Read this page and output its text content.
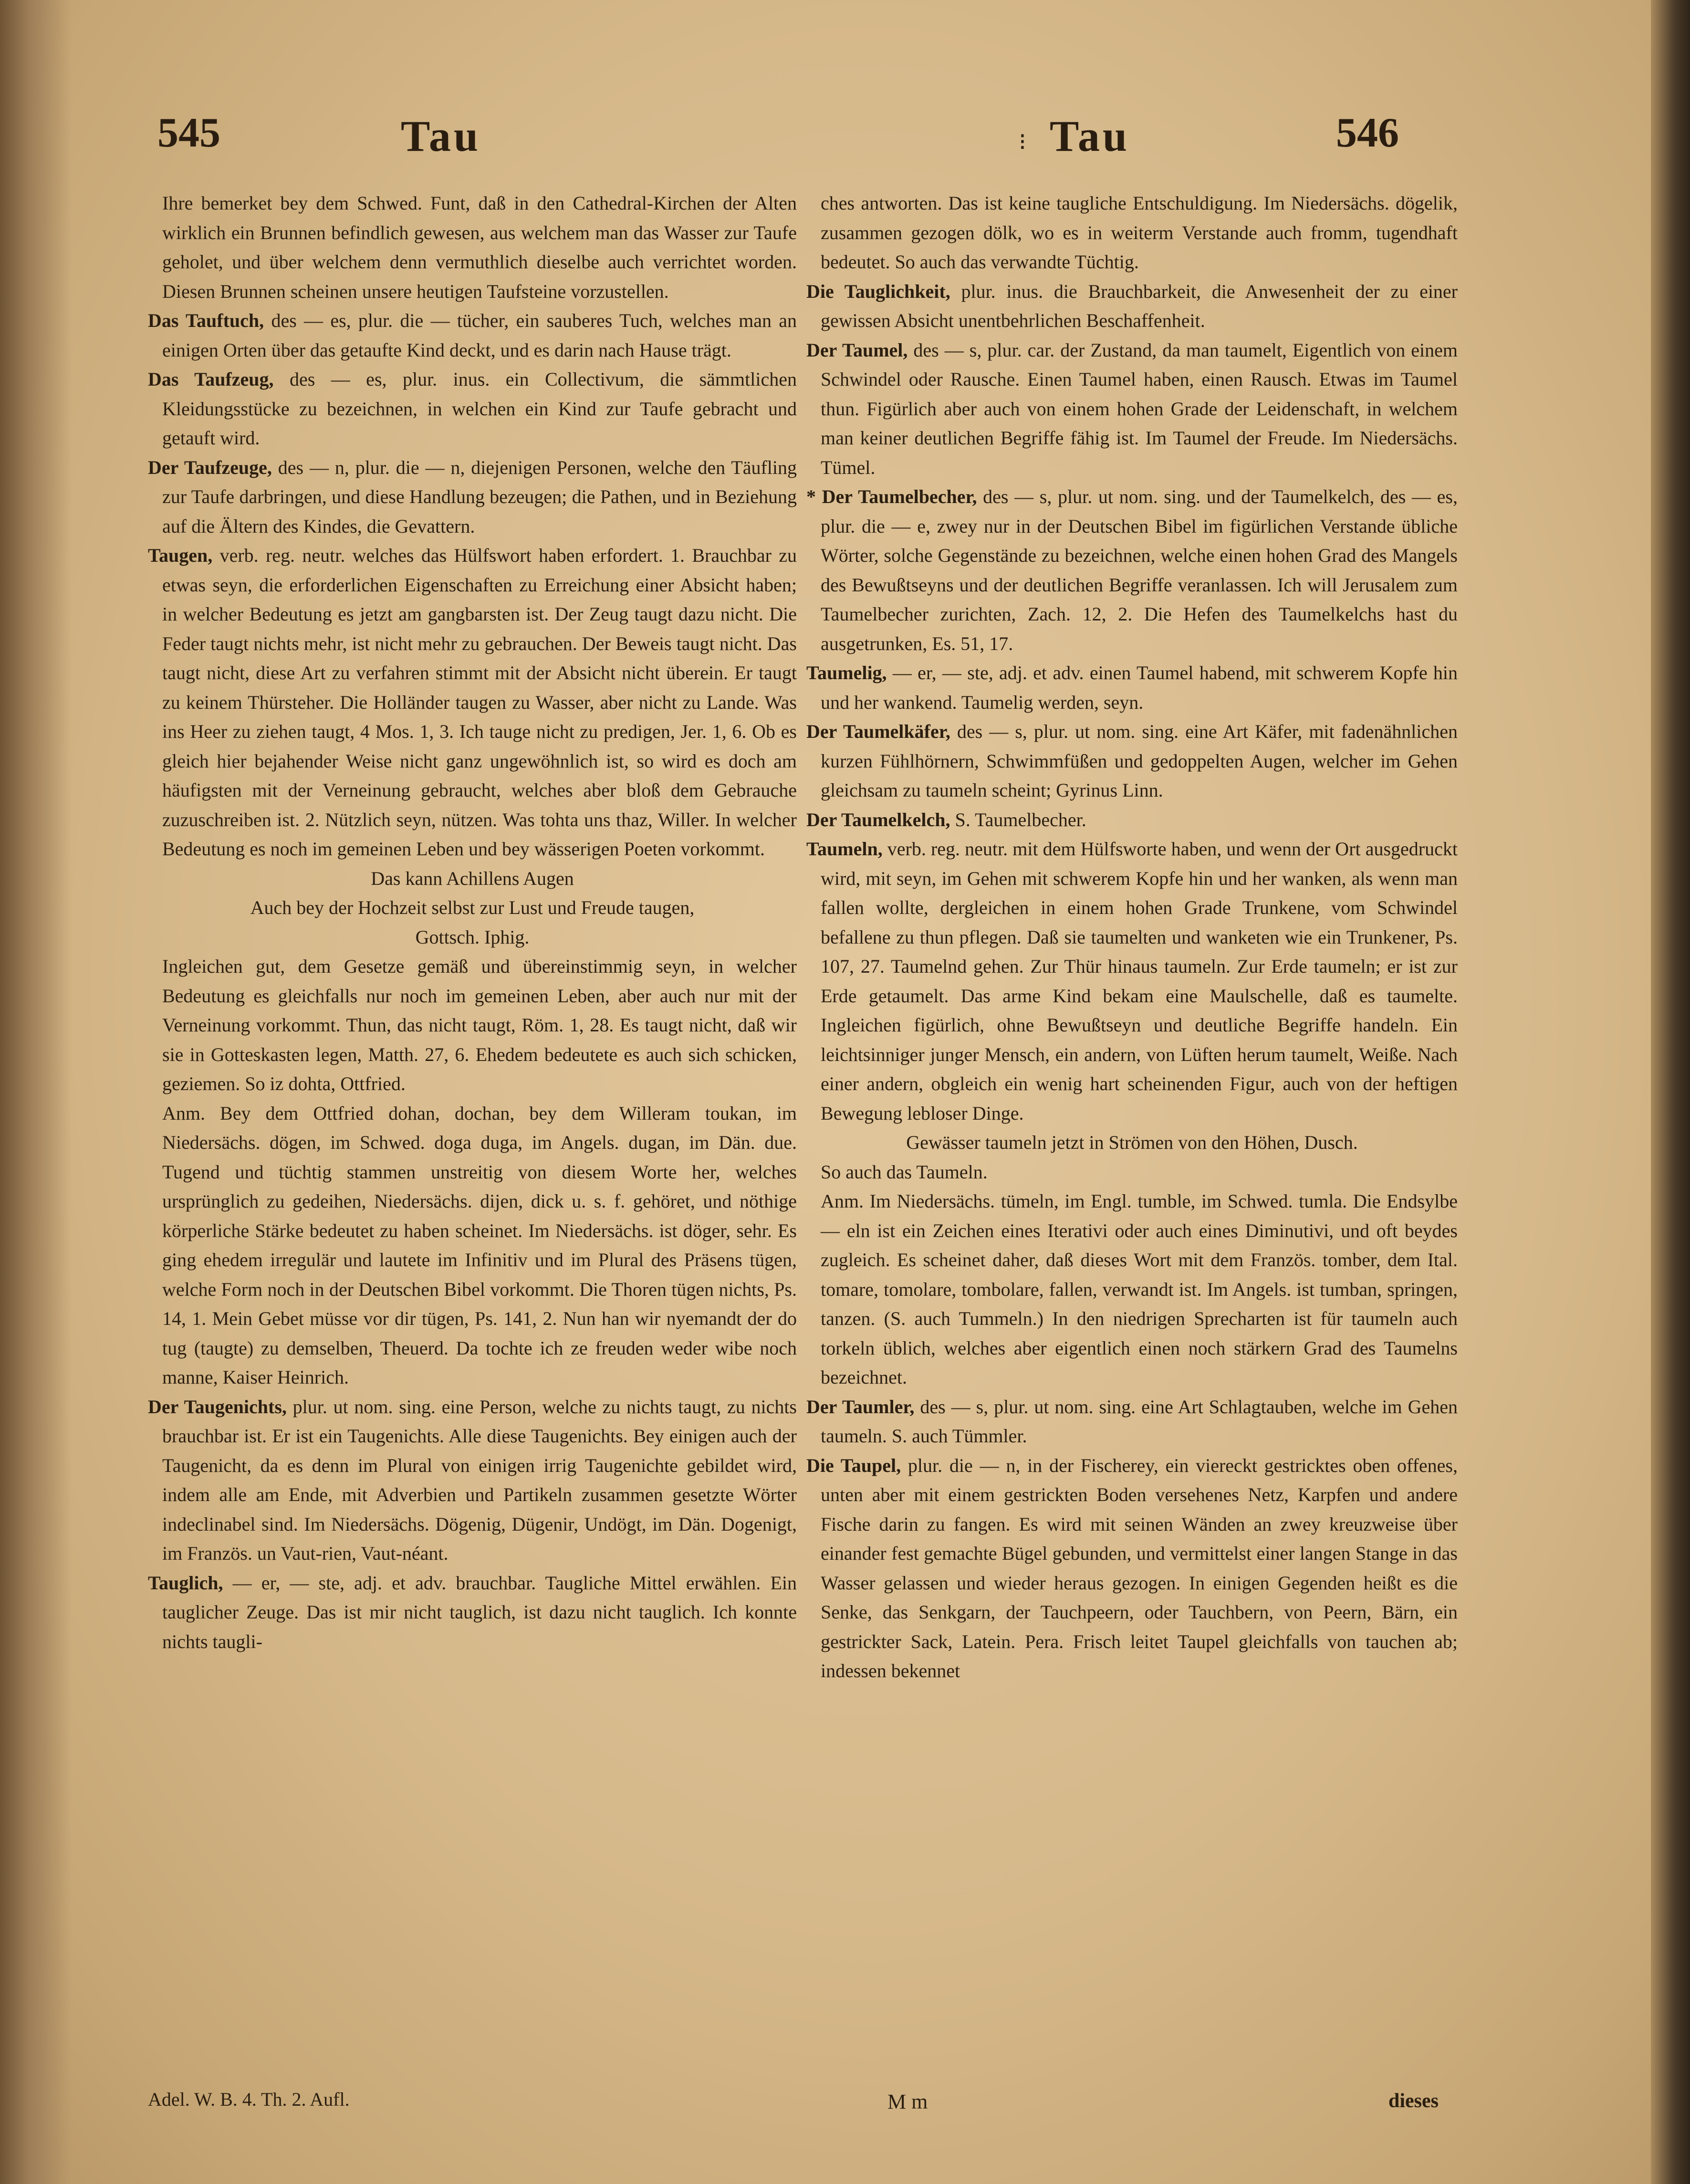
545	Tau	⁝ Tau	546

Ihre bemerket bey dem Schwed. Funt, daß in den Cathedral-Kirchen der Alten wirklich ein Brunnen befindlich gewesen, aus welchem man das Wasser zur Taufe geholet, und über welchem denn vermuthlich dieselbe auch verrichtet worden. Diesen Brunnen scheinen unsere heutigen Taufsteine vorzustellen.

Das Tauftuch, des — es, plur. die — tücher, ein sauberes Tuch, welches man an einigen Orten über das getaufte Kind deckt, und es darin nach Hause trägt.

Das Taufzeug, des — es, plur. inus. ein Collectivum, die sämmtlichen Kleidungsstücke zu bezeichnen, in welchen ein Kind zur Taufe gebracht und getauft wird.

Der Taufzeuge, des — n, plur. die — n, diejenigen Personen, welche den Täufling zur Taufe darbringen, und diese Handlung bezeugen; die Pathen, und in Beziehung auf die Ältern des Kindes, die Gevattern.

Taugen, verb. reg. neutr. welches das Hülfswort haben erfordert. 1. Brauchbar zu etwas seyn, die erforderlichen Eigenschaften zu Erreichung einer Absicht haben; in welcher Bedeutung es jetzt am gangbarsten ist. Der Zeug taugt dazu nicht. Die Feder taugt nichts mehr, ist nicht mehr zu gebrauchen. Der Beweis taugt nicht. Das taugt nicht, diese Art zu verfahren stimmt mit der Absicht nicht überein. Er taugt zu keinem Thürsteher. Die Holländer taugen zu Wasser, aber nicht zu Lande. Was ins Heer zu ziehen taugt, 4 Mos. 1, 3. Ich tauge nicht zu predigen, Jer. 1, 6. Ob es gleich hier bejahender Weise nicht ganz ungewöhnlich ist, so wird es doch am häufigsten mit der Verneinung gebraucht, welches aber bloß dem Gebrauche zuzuschreiben ist. 2. Nützlich seyn, nützen. Was tohta uns thaz, Willer. In welcher Bedeutung es noch im gemeinen Leben und bey wässerigen Poeten vorkommt.

Das kann Achillens Augen

Auch bey der Hochzeit selbst zur Lust und Freude taugen,

Gottsch. Iphig.

Ingleichen gut, dem Gesetze gemäß und übereinstimmig seyn, in welcher Bedeutung es gleichfalls nur noch im gemeinen Leben, aber auch nur mit der Verneinung vorkommt. Thun, das nicht taugt, Röm. 1, 28. Es taugt nicht, daß wir sie in Gotteskasten legen, Matth. 27, 6. Ehedem bedeutete es auch sich schicken, geziemen. So iz dohta, Ottfried.

Anm. Bey dem Ottfried dohan, dochan, bey dem Willeram toukan, im Niedersächs. dögen, im Schwed. doga duga, im Angels. dugan, im Dän. due. Tugend und tüchtig stammen unstreitig von diesem Worte her, welches ursprünglich zu gedeihen, Niedersächs. dijen, dick u. s. f. gehöret, und nöthige körperliche Stärke bedeutet zu haben scheinet. Im Niedersächs. ist döger, sehr. Es ging ehedem irregulär und lautete im Infinitiv und im Plural des Präsens tügen, welche Form noch in der Deutschen Bibel vorkommt. Die Thoren tügen nichts, Ps. 14, 1. Mein Gebet müsse vor dir tügen, Ps. 141, 2. Nun han wir nyemandt der do tug (taugte) zu demselben, Theuerd. Da tochte ich ze freuden weder wibe noch manne, Kaiser Heinrich.

Der Taugenichts, plur. ut nom. sing. eine Person, welche zu nichts taugt, zu nichts brauchbar ist. Er ist ein Taugenichts. Alle diese Taugenichts. Bey einigen auch der Taugenicht, da es denn im Plural von einigen irrig Taugenichte gebildet wird, indem alle am Ende, mit Adverbien und Partikeln zusammen gesetzte Wörter indeclinabel sind. Im Niedersächs. Dögenig, Dügenir, Undögt, im Dän. Dogenigt, im Französ. un Vaut-rien, Vaut-néant.

Tauglich, — er, — ste, adj. et adv. brauchbar. Taugliche Mittel erwählen. Ein tauglicher Zeuge. Das ist mir nicht tauglich, ist dazu nicht tauglich. Ich konnte nichts taugli-

ches antworten. Das ist keine taugliche Entschuldigung. Im Niedersächs. dögelik, zusammen gezogen dölk, wo es in weiterm Verstande auch fromm, tugendhaft bedeutet. So auch das verwandte Tüchtig.

Die Tauglichkeit, plur. inus. die Brauchbarkeit, die Anwesenheit der zu einer gewissen Absicht unentbehrlichen Beschaffenheit.

Der Taumel, des — s, plur. car. der Zustand, da man taumelt, Eigentlich von einem Schwindel oder Rausche. Einen Taumel haben, einen Rausch. Etwas im Taumel thun. Figürlich aber auch von einem hohen Grade der Leidenschaft, in welchem man keiner deutlichen Begriffe fähig ist. Im Taumel der Freude. Im Niedersächs. Tümel.

* Der Taumelbecher, des — s, plur. ut nom. sing. und der Taumelkelch, des — es, plur. die — e, zwey nur in der Deutschen Bibel im figürlichen Verstande übliche Wörter, solche Gegenstände zu bezeichnen, welche einen hohen Grad des Mangels des Bewußtseyns und der deutlichen Begriffe veranlassen. Ich will Jerusalem zum Taumelbecher zurichten, Zach. 12, 2. Die Hefen des Taumelkelchs hast du ausgetrunken, Es. 51, 17.

Taumelig, — er, — ste, adj. et adv. einen Taumel habend, mit schwerem Kopfe hin und her wankend. Taumelig werden, seyn.

Der Taumelkäfer, des — s, plur. ut nom. sing. eine Art Käfer, mit fadenähnlichen kurzen Fühlhörnern, Schwimmfüßen und gedoppelten Augen, welcher im Gehen gleichsam zu taumeln scheint; Gyrinus Linn.

Der Taumelkelch, S. Taumelbecher.

Taumeln, verb. reg. neutr. mit dem Hülfsworte haben, und wenn der Ort ausgedruckt wird, mit seyn, im Gehen mit schwerem Kopfe hin und her wanken, als wenn man fallen wollte, dergleichen in einem hohen Grade Trunkene, vom Schwindel befallene zu thun pflegen. Daß sie taumelten und wanketen wie ein Trunkener, Ps. 107, 27. Taumelnd gehen. Zur Thür hinaus taumeln. Zur Erde taumeln; er ist zur Erde getaumelt. Das arme Kind bekam eine Maulschelle, daß es taumelte. Ingleichen figürlich, ohne Bewußtseyn und deutliche Begriffe handeln. Ein leichtsinniger junger Mensch, ein andern, von Lüften herum taumelt, Weiße. Nach einer andern, obgleich ein wenig hart scheinenden Figur, auch von der heftigen Bewegung lebloser Dinge.

Gewässer taumeln jetzt in Strömen von den Höhen, Dusch.

So auch das Taumeln.

Anm. Im Niedersächs. tümeln, im Engl. tumble, im Schwed. tumla. Die Endsylbe — eln ist ein Zeichen eines Iterativi oder auch eines Diminutivi, und oft beydes zugleich. Es scheinet daher, daß dieses Wort mit dem Französ. tomber, dem Ital. tomare, tomolare, tombolare, fallen, verwandt ist. Im Angels. ist tumban, springen, tanzen. (S. auch Tummeln.) In den niedrigen Sprecharten ist für taumeln auch torkeln üblich, welches aber eigentlich einen noch stärkern Grad des Taumelns bezeichnet.

Der Taumler, des — s, plur. ut nom. sing. eine Art Schlagtauben, welche im Gehen taumeln. S. auch Tümmler.

Die Taupel, plur. die — n, in der Fischerey, ein viereckt gestricktes oben offenes, unten aber mit einem gestrickten Boden versehenes Netz, Karpfen und andere Fische darin zu fangen. Es wird mit seinen Wänden an zwey kreuzweise über einander fest gemachte Bügel gebunden, und vermittelst einer langen Stange in das Wasser gelassen und wieder heraus gezogen. In einigen Gegenden heißt es die Senke, das Senkgarn, der Tauchpeern, oder Tauchbern, von Peern, Bärn, ein gestrickter Sack, Latein. Pera. Frisch leitet Taupel gleichfalls von tauchen ab; indessen bekennet

Adel. W. B. 4. Th. 2. Aufl.	M m	dieses
